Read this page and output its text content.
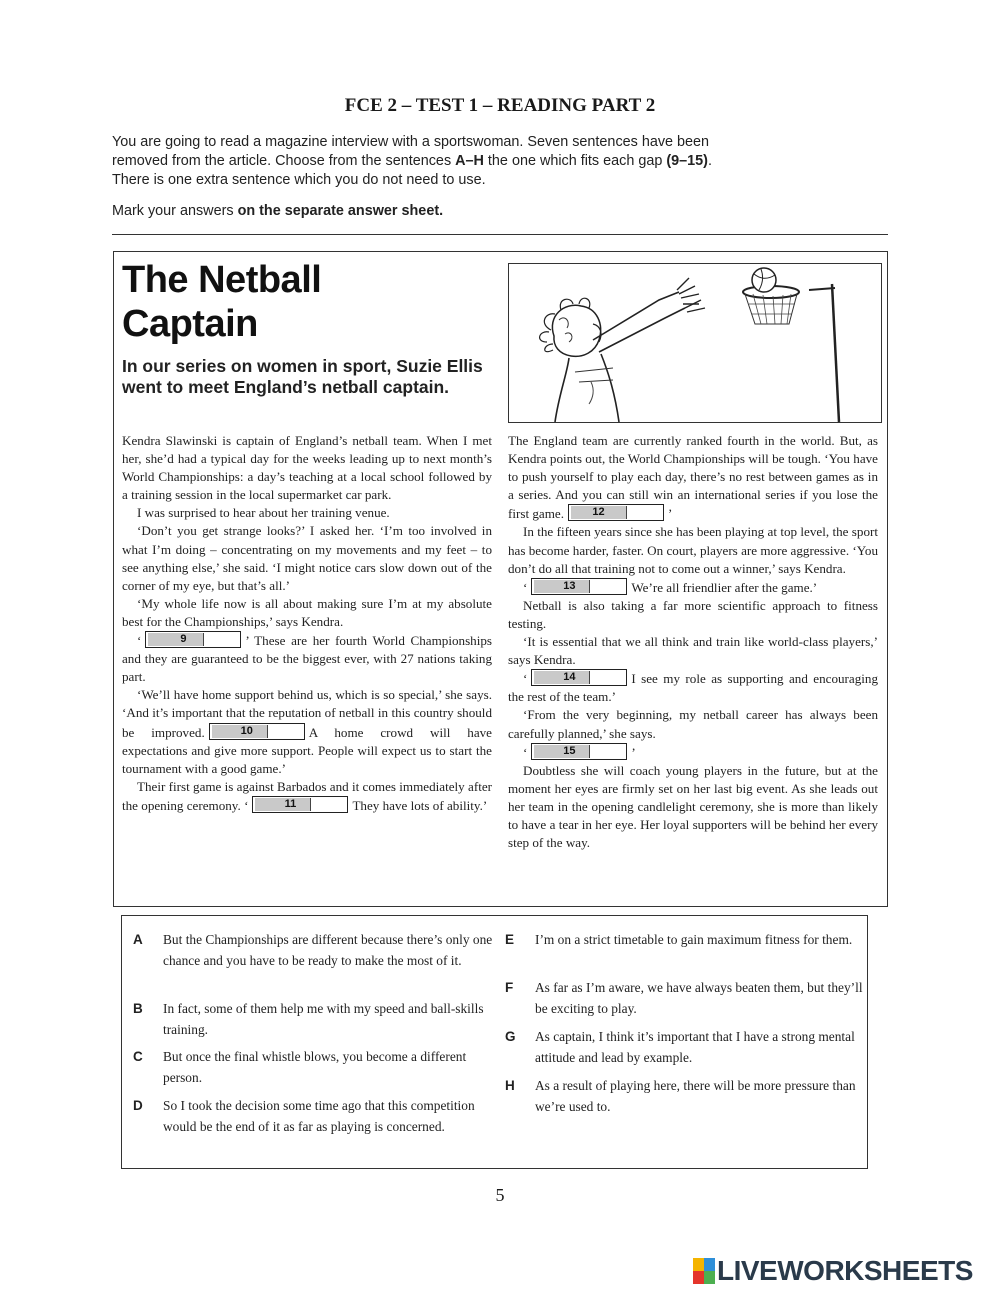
FCE 2 – TEST 1 – READING PART 2
You are going to read a magazine interview with a sportswoman. Seven sentences have been
removed from the article. Choose from the sentences A–H the one which fits each gap (9–15).
There is one extra sentence which you do not need to use.
Mark your answers on the separate answer sheet.
The Netball
Captain
In our series on women in sport, Suzie Ellis went to meet England’s netball captain.

Kendra Slawinski is captain of England’s netball team. When I met her, she’d had a typical day for the weeks leading up to next month’s World Championships: a day’s teaching at a local school followed by a training session in the local supermarket car park.

I was surprised to hear about her training venue.

‘Don’t you get strange looks?’ I asked her. ‘I’m too involved in what I’m doing – concentrating on my movements and my feet – to see anything else,’ she said. ‘I might notice cars slow down out of the corner of my eye, but that’s all.’

‘My whole life now is all about making sure I’m at my absolute best for the Championships,’ says Kendra.

‘	9	’ These are her fourth World Championships and they are guaranteed to be the biggest ever, with 27 nations taking part.

‘We’ll have home support behind us, which is so special,’ she says. ‘And it’s important that the reputation of netball in this country should be improved.	10	A home crowd will have expectations and give more support. People will expect us to start the tournament with a good game.’

Their first game is against Barbados and it comes immediately after the opening ceremony. ‘	11	They have lots of ability.’

The England team are currently ranked fourth in the world. But, as Kendra points out, the World Championships will be tough. ‘You have to push yourself to play each day, there’s no rest between games as in a series. And you can still win an international series if you lose the first game.	12	’

In the fifteen years since she has been playing at top level, the sport has become harder, faster. On court, players are more aggressive. ‘You don’t do all that training not to come out a winner,’ says Kendra.

‘	13	We’re all friendlier after the game.’

Netball is also taking a far more scientific approach to fitness testing.

‘It is essential that we all think and train like world-class players,’ says Kendra.

‘	14	I see my role as supporting and encouraging the rest of the team.’

‘From the very beginning, my netball career has always been carefully planned,’ she says.

‘	15	’

Doubtless she will coach young players in the future, but at the moment her eyes are firmly set on her last big event. As she leads out her team in the opening candlelight ceremony, she is more than likely to have a tear in her eye. Her loyal supporters will be behind her every step of the way.

A But the Championships are different because there’s only one chance and you have to be ready to make the most of it.
B In fact, some of them help me with my speed and ball-skills training.
C But once the final whistle blows, you become a different person.
D So I took the decision some time ago that this competition would be the end of it as far as playing is concerned.
E I’m on a strict timetable to gain maximum fitness for them.
F As far as I’m aware, we have always beaten them, but they’ll be exciting to play.
G As captain, I think it’s important that I have a strong mental attitude and lead by example.
H As a result of playing here, there will be more pressure than we’re used to.
5
LIVEWORKSHEETS
